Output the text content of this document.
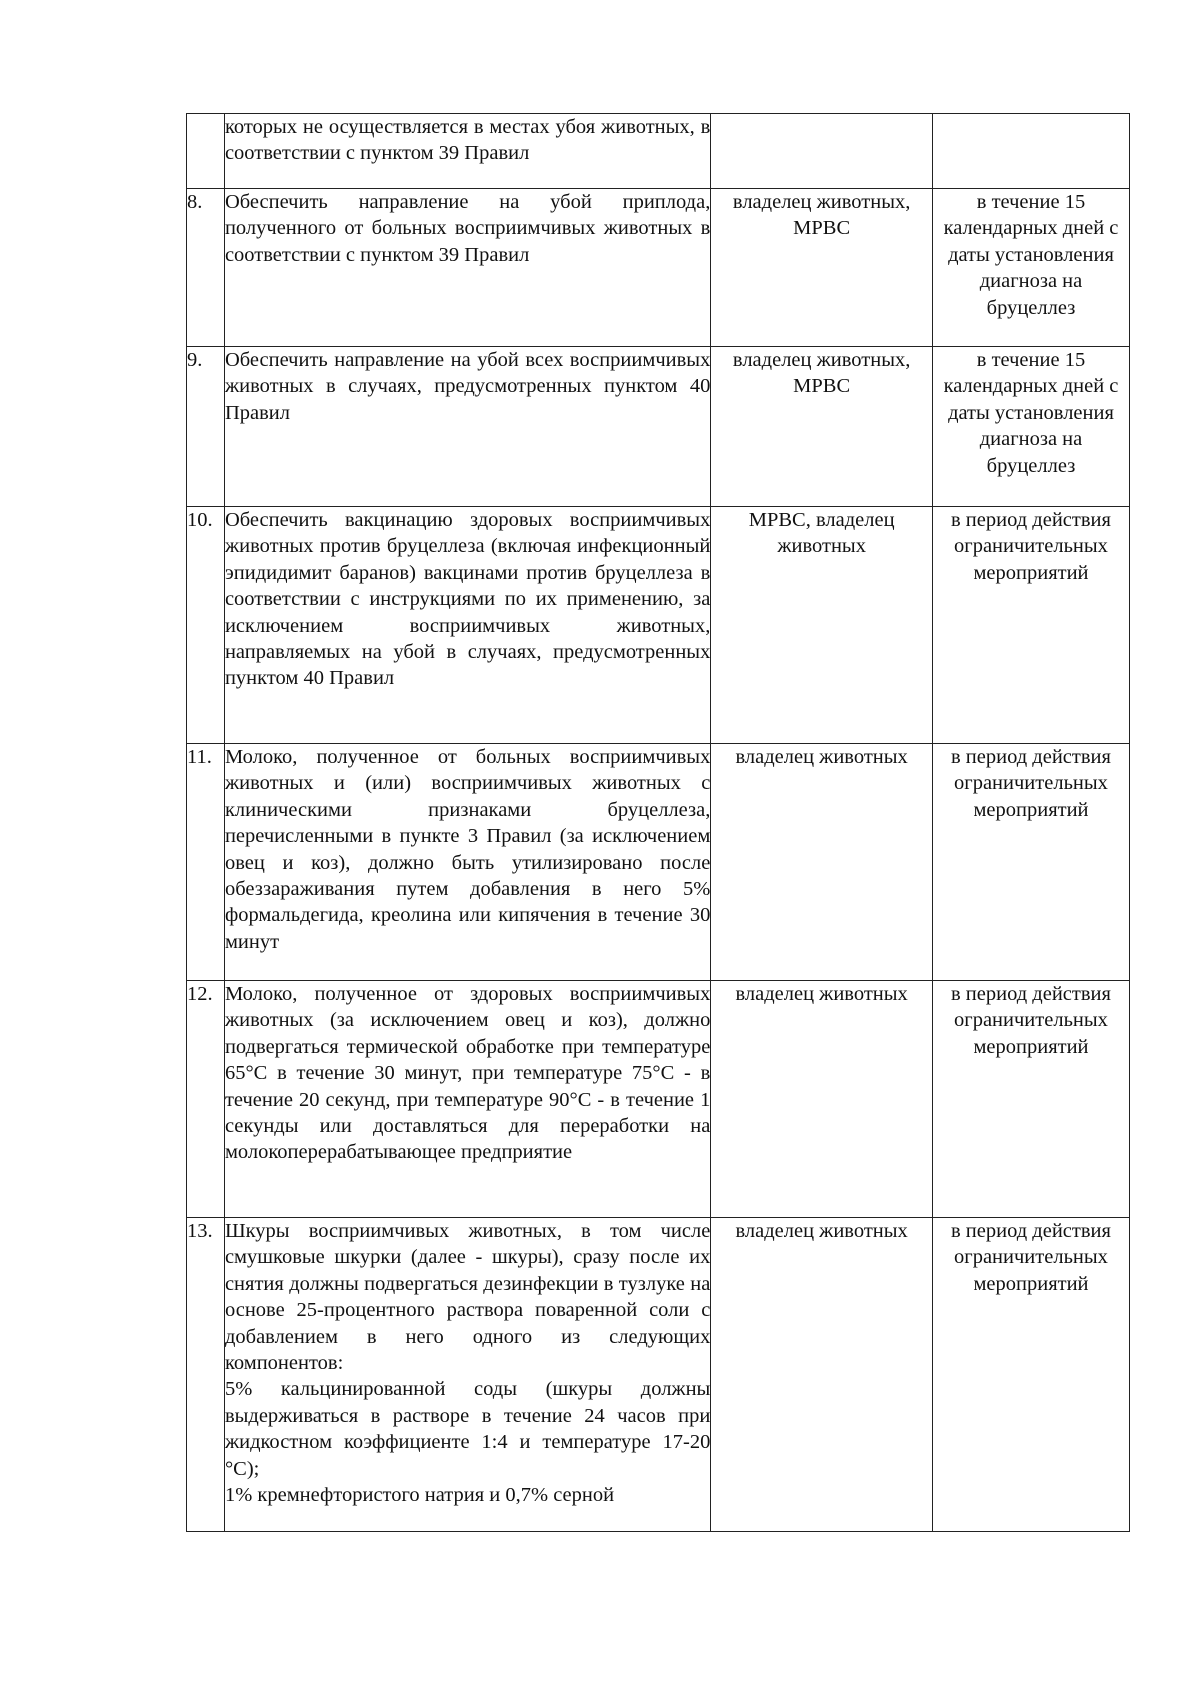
	которых не осуществляется в местах убоя животных, в соответствии с пунктом 39 Правил		
8.	Обеспечить направление на убой приплода, полученного от больных восприимчивых животных в соответствии с пунктом 39 Правил	владелец животных, МРВС	в течение 15 календарных дней с даты установления диагноза на бруцеллез
9.	Обеспечить направление на убой всех восприимчивых животных в случаях, предусмотренных пунктом 40 Правил	владелец животных, МРВС	в течение 15 календарных дней с даты установления диагноза на бруцеллез
10.	Обеспечить вакцинацию здоровых восприимчивых животных против бруцеллеза (включая инфекционный эпидидимит баранов) вакцинами против бруцеллеза в соответствии с инструкциями по их применению, за исключением восприимчивых животных, направляемых на убой в случаях, предусмотренных пунктом 40 Правил	МРВС, владелец животных	в период действия ограничительных мероприятий
11.	Молоко, полученное от больных восприимчивых животных и (или) восприимчивых животных с клиническими признаками бруцеллеза, перечисленными в пункте 3 Правил (за исключением овец и коз), должно быть утилизировано после обеззараживания путем добавления в него 5% формальдегида, креолина или кипячения в течение 30 минут	владелец животных	в период действия ограничительных мероприятий
12.	Молоко, полученное от здоровых восприимчивых животных (за исключением овец и коз), должно подвергаться термической обработке при температуре 65°С в течение 30 минут, при температуре 75°С - в течение 20 секунд, при температуре 90°С - в течение 1 секунды или доставляться для переработки на молокоперерабатывающее предприятие	владелец животных	в период действия ограничительных мероприятий
13.	Шкуры восприимчивых животных, в том числе смушковые шкурки (далее - шкуры), сразу после их снятия должны подвергаться дезинфекции в тузлуке на основе 25-процентного раствора поваренной соли с добавлением в него одного из следующих компонентов:
5% кальцинированной соды (шкуры должны выдерживаться в растворе в течение 24 часов при жидкостном коэффициенте 1:4 и температуре 17-20 °С);
1% кремнефтористого натрия и 0,7% серной	владелец животных	в период действия ограничительных мероприятий
